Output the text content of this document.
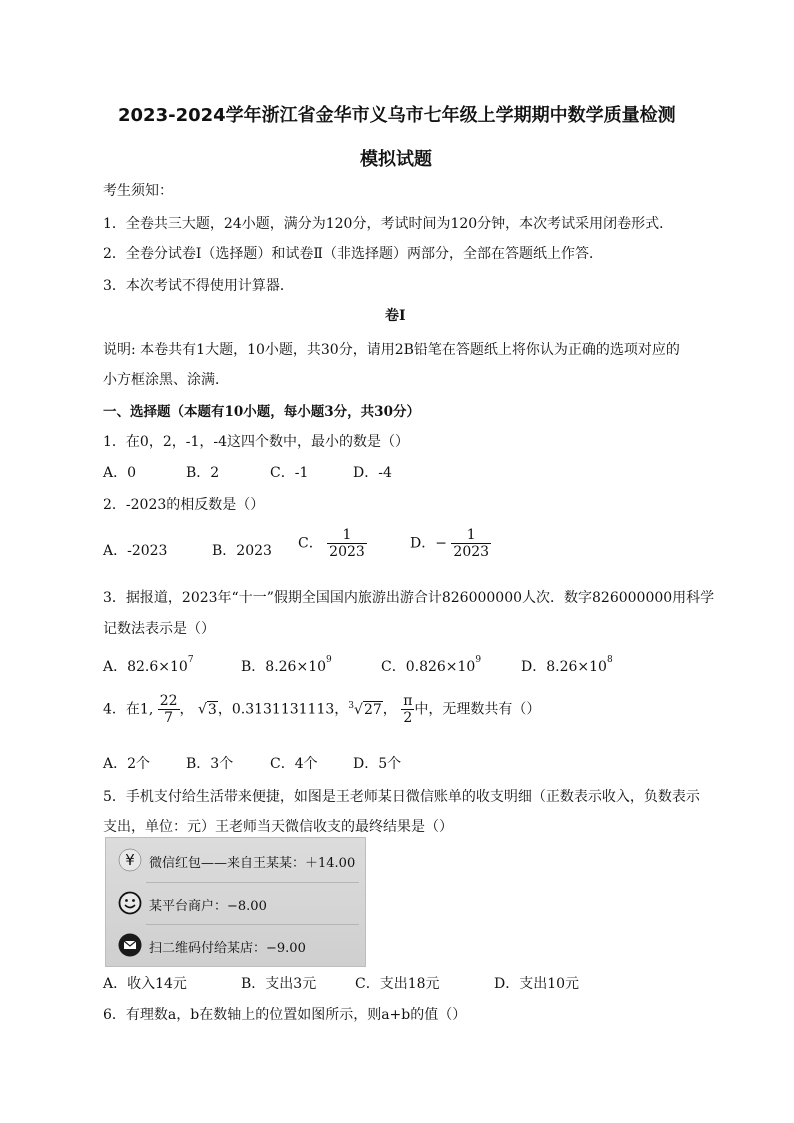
2023-2024学年浙江省金华市义乌市七年级上学期期中数学质量检测
模拟试题
考生须知：
1．全卷共三大题，24小题，满分为120分，考试时间为120分钟，本次考试采用闭卷形式．
2．全卷分试卷Ⅰ（选择题）和试卷Ⅱ（非选择题）两部分，全部在答题纸上作答．
3．本次考试不得使用计算器．
卷Ⅰ
说明: 本卷共有1大题，10小题，共30分，请用2B铅笔在答题纸上将你认为正确的选项对应的
小方框涂黑、涂满．
一、选择题（本题有10小题，每小题3分，共30分）
1．在0，2，-1，-4这四个数中，最小的数是（）
A．0	B．2	C．-1	D．-4
2．-2023的相反数是（）
A．-2023	B．2023 C． $\frac{1}{2023}$	D．− $\frac{1}{2023}$
3．据报道，2023年“十一”假期全国国内旅游出游合计826000000人次．数字826000000用科学
记数法表示是（）
A．$82.6\times 10^7$	B．$8.26\times 10^9$	C．$0.826\times 10^9$	D．$8.26\times 10^8$
4．在1, $\frac{22}{7}$ ， √3，0.3131131113，$^3$√27， $\frac{\pi}{2}$ 中，无理数共有（）
A．2个	B．3个	C．4个	D．5个
5．手机支付给生活带来便捷，如图是王老师某日微信账单的收支明细（正数表示收入，负数表示
支出，单位：元）王老师当天微信收支的最终结果是（）
¥ 微信红包——来自王某某：＋14.00
某平台商户：−8.00
扫二维码付给某店：−9.00
A．收入14元	B．支出3元	C．支出18元	D．支出10元
6．有理数a，b在数轴上的位置如图所示，则a+b的值（）
